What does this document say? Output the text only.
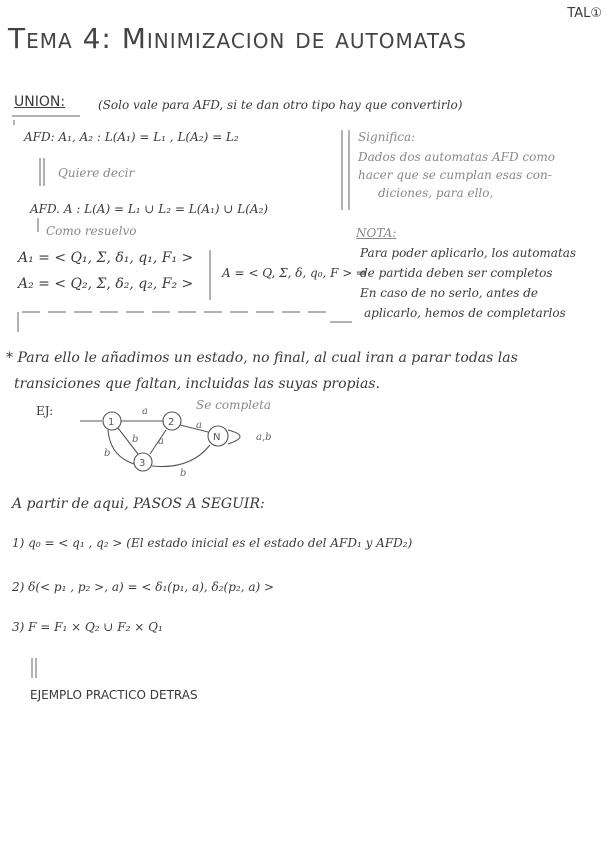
TAL①
Tema 4: Minimizacion de automatas
UNION:	(Solo vale para AFD, si te dan otro tipo hay que convertirlo)
AFD: A₁, A₂ : L(A₁) = L₁ , L(A₂) = L₂
Quiere decir
AFD. A : L(A) = L₁ ∪ L₂ = L(A₁) ∪ L(A₂)
Como resuelvo
A₁ = < Q₁, Σ, δ₁, q₁, F₁ >
A₂ = < Q₂, Σ, δ₂, q₂, F₂ >
A = < Q, Σ, δ, q₀, F > ⇒
Significa:
Dados dos automatas AFD como
hacer que se cumplan esas con-
diciones, para ello,
NOTA:
Para poder aplicarlo, los automatas
de partida deben ser completos
En caso de no serlo, antes de
aplicarlo, hemos de completarlos
* Para ello le añadimos un estado, no final, al cual iran a parar todas las
transiciones que faltan, incluidas las suyas propias.
EJ:	Se completa
1	2
3
N
a
a
b a
b
b
a,b
A partir de aqui, PASOS A SEGUIR:
1) q₀ = < q₁ , q₂ > (El estado inicial es el estado del AFD₁ y AFD₂)
2) δ(< p₁ , p₂ >, a) = < δ₁(p₁, a), δ₂(p₂, a) >
3) F = F₁ × Q₂ ∪ F₂ × Q₁
EJEMPLO PRACTICO DETRAS
